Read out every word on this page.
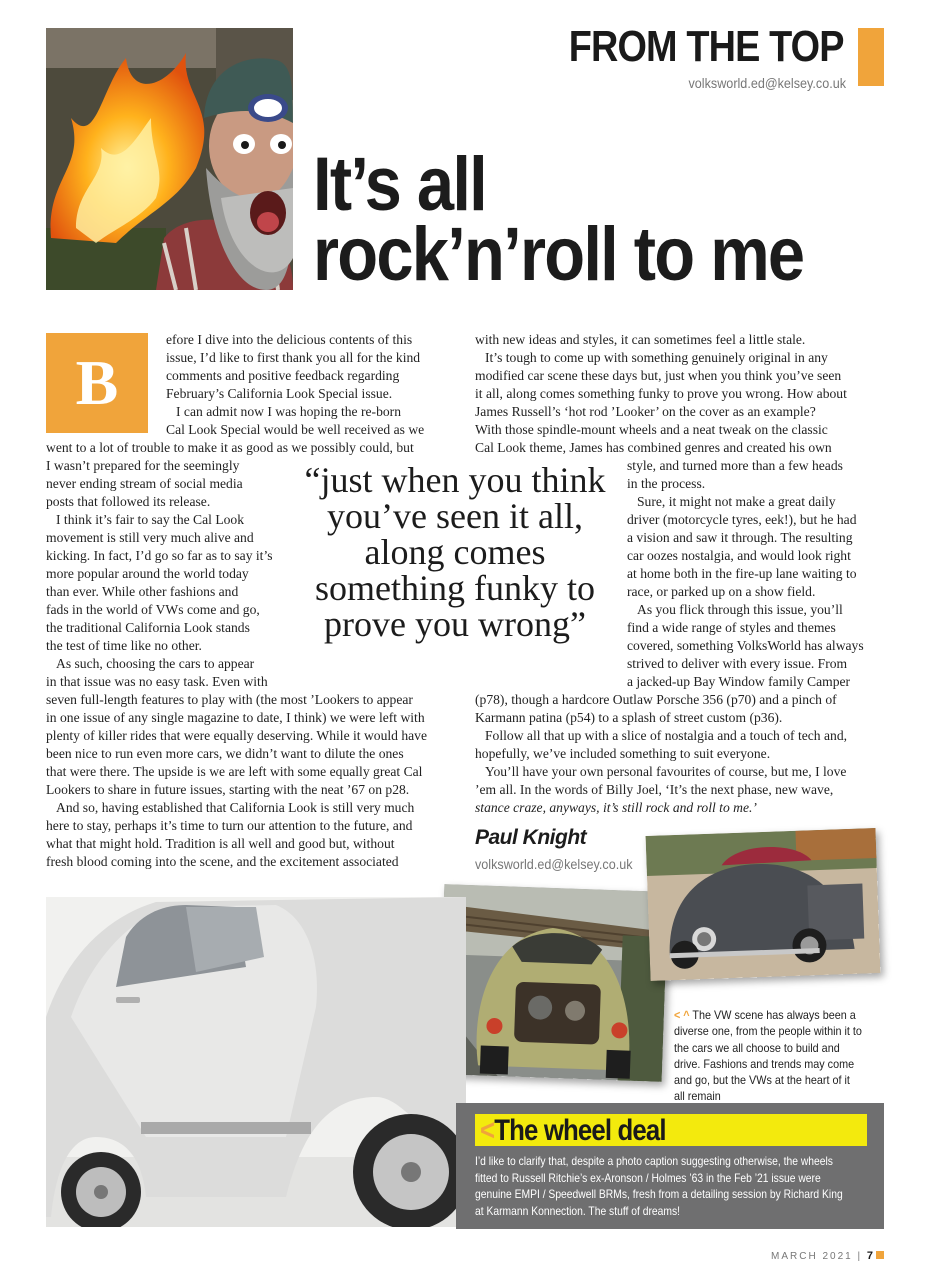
FROM THE TOP
volksworld.ed@kelsey.co.uk
It’s all
rock’n’roll to me
B
efore I dive into the delicious contents of this
issue, I’d like to first thank you all for the kind
comments and positive feedback regarding
February’s California Look Special issue.
I can admit now I was hoping the re-born
Cal Look Special would be well received as we
went to a lot of trouble to make it as good as we possibly could, but
I wasn’t prepared for the seemingly
never ending stream of social media
posts that followed its release.
I think it’s fair to say the Cal Look
movement is still very much alive and
kicking. In fact, I’d go so far as to say it’s
more popular around the world today
than ever. While other fashions and
fads in the world of VWs come and go,
the traditional California Look stands
the test of time like no other.
As such, choosing the cars to appear
in that issue was no easy task. Even with
seven full-length features to play with (the most ’Lookers to appear
in one issue of any single magazine to date, I think) we were left with
plenty of killer rides that were equally deserving. While it would have
been nice to run even more cars, we didn’t want to dilute the ones
that were there. The upside is we are left with some equally great Cal
Lookers to share in future issues, starting with the neat ’67 on p28.
And so, having established that California Look is still very much
here to stay, perhaps it’s time to turn our attention to the future, and
what that might hold. Tradition is all well and good but, without
fresh blood coming into the scene, and the excitement associated
“just when you think you’ve seen it all, along comes something funky to prove you wrong”
with new ideas and styles, it can sometimes feel a little stale.
It’s tough to come up with something genuinely original in any
modified car scene these days but, just when you think you’ve seen
it all, along comes something funky to prove you wrong. How about
James Russell’s ‘hot rod ’Looker’ on the cover as an example?
With those spindle-mount wheels and a neat tweak on the classic
Cal Look theme, James has combined genres and created his own
style, and turned more than a few heads
in the process.
Sure, it might not make a great daily
driver (motorcycle tyres, eek!), but he had
a vision and saw it through. The resulting
car oozes nostalgia, and would look right
at home both in the fire-up lane waiting to
race, or parked up on a show field.
As you flick through this issue, you’ll
find a wide range of styles and themes
covered, something VolksWorld has always
strived to deliver with every issue. From
a jacked-up Bay Window family Camper
(p78), though a hardcore Outlaw Porsche 356 (p70) and a pinch of
Karmann patina (p54) to a splash of street custom (p36).
Follow all that up with a slice of nostalgia and a touch of tech and,
hopefully, we’ve included something to suit everyone.
You’ll have your own personal favourites of course, but me, I love
’em all. In the words of Billy Joel, ‘It’s the next phase, new wave,
stance craze, anyways, it’s still rock and roll to me.’
Paul Knight
volksworld.ed@kelsey.co.uk
< ^ The VW scene has always been a diverse one, from the people within it to the cars we all choose to build and drive. Fashions and trends may come and go, but the VWs at the heart of it all remain
<The wheel deal
I’d like to clarify that, despite a photo caption suggesting otherwise, the wheels fitted to Russell Ritchie’s ex-Aronson / Holmes ’63 in the Feb ’21 issue were genuine EMPI / Speedwell BRMs, fresh from a detailing session by Richard King at Karmann Konnection. The stuff of dreams!
MARCH 2021 | 7
